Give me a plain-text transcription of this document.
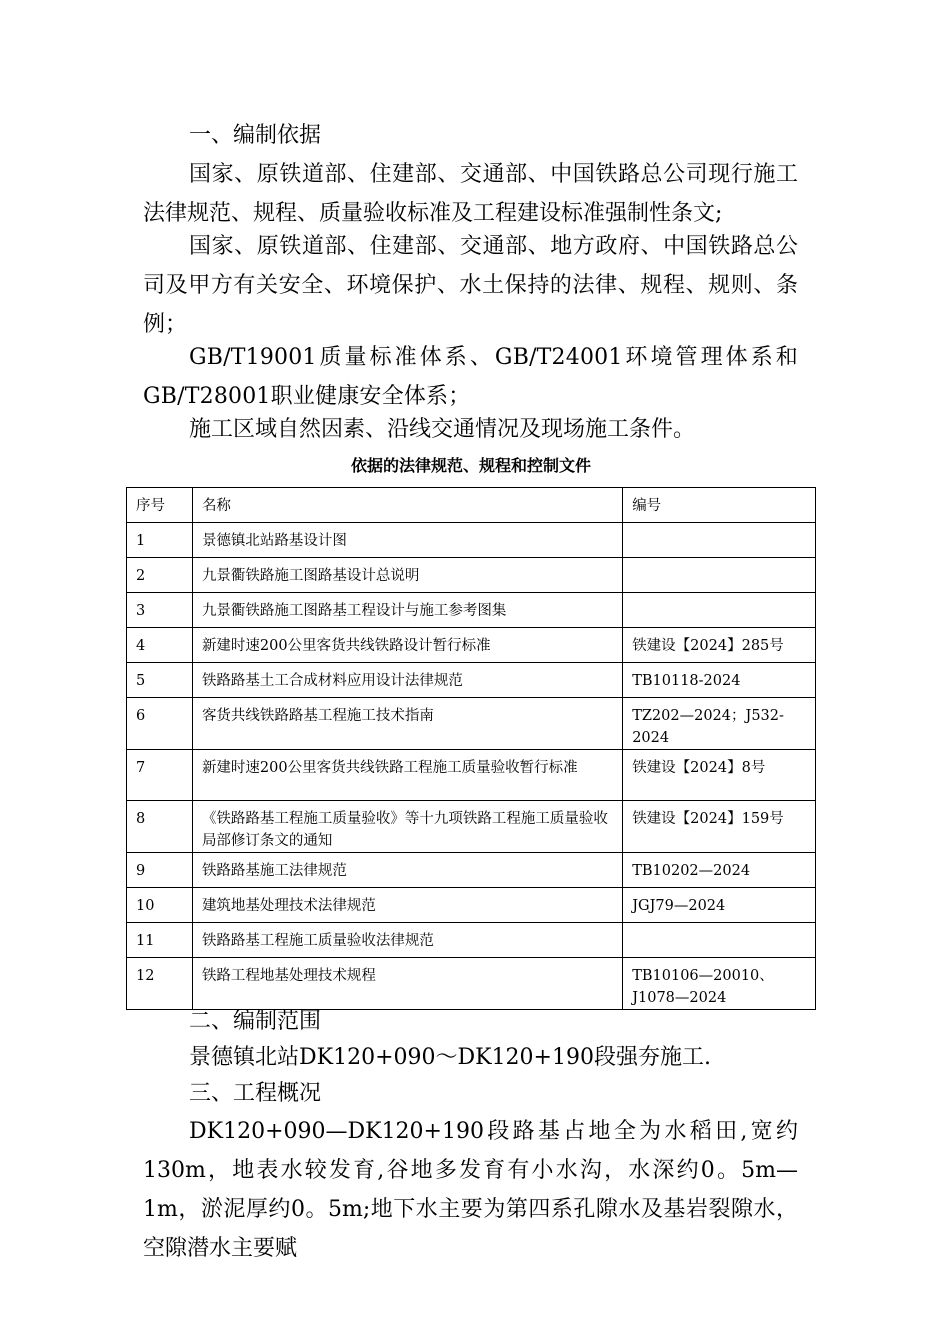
一、编制依据

国家、原铁道部、住建部、交通部、中国铁路总公司现行施工法律规范、规程、质量验收标准及工程建设标准强制性条文;

国家、原铁道部、住建部、交通部、地方政府、中国铁路总公司及甲方有关安全、环境保护、水土保持的法律、规程、规则、条例；

GB/T19001质量标准体系、GB/T24001环境管理体系和GB/T28001职业健康安全体系；

施工区域自然因素、沿线交通情况及现场施工条件。

依据的法律规范、规程和控制文件
序号	名称	编号
1	景德镇北站路基设计图	
2	九景衢铁路施工图路基设计总说明	
3	九景衢铁路施工图路基工程设计与施工参考图集	
4	新建时速200公里客货共线铁路设计暂行标准	铁建设【2024】285号
5	铁路路基土工合成材料应用设计法律规范	TB10118-2024
6	客货共线铁路路基工程施工技术指南	TZ202—2024；J532-2024
7	新建时速200公里客货共线铁路工程施工质量验收暂行标准	铁建设【2024】8号
8	《铁路路基工程施工质量验收》等十九项铁路工程施工质量验收局部修订条文的通知	铁建设【2024】159号
9	铁路路基施工法律规范	TB10202—2024
10	建筑地基处理技术法律规范	JGJ79—2024
11	铁路路基工程施工质量验收法律规范	
12	铁路工程地基处理技术规程	TB10106—20010、J1078—2024
二、编制范围
景德镇北站DK120+090～DK120+190段强夯施工.
三、工程概况

DK120+090—DK120+190段路基占地全为水稻田,宽约130m，地表水较发育,谷地多发育有小水沟，水深约0。5m—1m，淤泥厚约0。5m;地下水主要为第四系孔隙水及基岩裂隙水，空隙潜水主要赋
